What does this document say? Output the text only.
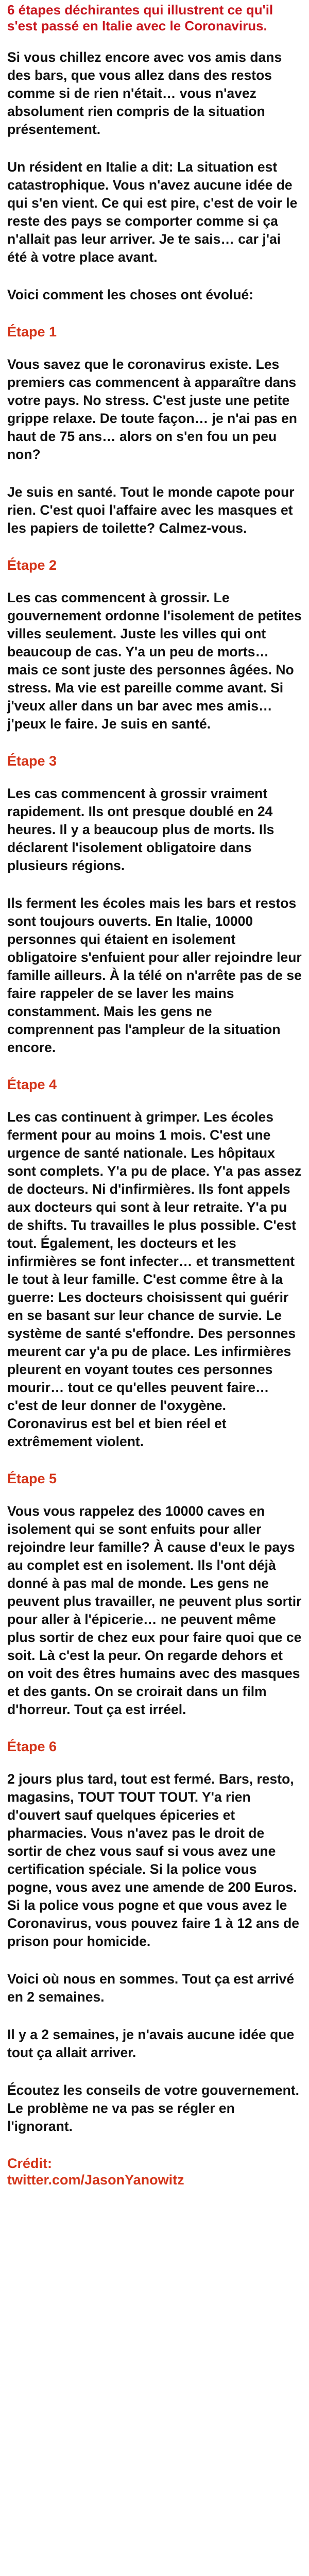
6 étapes déchirantes qui illustrent ce qu'il s'est passé en Italie avec le Coronavirus.

Si vous chillez encore avec vos amis dans des bars, que vous allez dans des restos comme si de rien n'était… vous n'avez absolument rien compris de la situation présentement.

Un résident en Italie a dit: La situation est catastrophique. Vous n'avez aucune idée de qui s'en vient. Ce qui est pire, c'est de voir le reste des pays se comporter comme si ça n'allait pas leur arriver. Je te sais… car j'ai été à votre place avant.

Voici comment les choses ont évolué:

Étape 1

Vous savez que le coronavirus existe. Les premiers cas commencent à apparaître dans votre pays. No stress. C'est juste une petite grippe relaxe. De toute façon… je n'ai pas en haut de 75 ans… alors on s'en fou un peu non?

Je suis en santé. Tout le monde capote pour rien. C'est quoi l'affaire avec les masques et les papiers de toilette? Calmez-vous.

Étape 2

Les cas commencent à grossir. Le gouvernement ordonne l'isolement de petites villes seulement. Juste les villes qui ont beaucoup de cas. Y'a un peu de morts… mais ce sont juste des personnes âgées. No stress. Ma vie est pareille comme avant. Si j'veux aller dans un bar avec mes amis… j'peux le faire. Je suis en santé.

Étape 3

Les cas commencent à grossir vraiment rapidement. Ils ont presque doublé en 24 heures. Il y a beaucoup plus de morts. Ils déclarent l'isolement obligatoire dans plusieurs régions.

Ils ferment les écoles mais les bars et restos sont toujours ouverts. En Italie, 10000 personnes qui étaient en isolement obligatoire s'enfuient pour aller rejoindre leur famille ailleurs. À la télé on n'arrête pas de se faire rappeler de se laver les mains constamment. Mais les gens ne comprennent pas l'ampleur de la situation encore.

Étape 4

Les cas continuent à grimper. Les écoles ferment pour au moins 1 mois. C'est une urgence de santé nationale. Les hôpitaux sont complets. Y'a pu de place. Y'a pas assez de docteurs. Ni d'infirmières. Ils font appels aux docteurs qui sont à leur retraite. Y'a pu de shifts. Tu travailles le plus possible. C'est tout. Également, les docteurs et les infirmières se font infecter… et transmettent le tout à leur famille. C'est comme être à la guerre: Les docteurs choisissent qui guérir en se basant sur leur chance de survie. Le système de santé s'effondre. Des personnes meurent car y'a pu de place. Les infirmières pleurent en voyant toutes ces personnes mourir… tout ce qu'elles peuvent faire… c'est de leur donner de l'oxygène. Coronavirus est bel et bien réel et extrêmement violent.

Étape 5

Vous vous rappelez des 10000 caves en isolement qui se sont enfuits pour aller rejoindre leur famille? À cause d'eux le pays au complet est en isolement. Ils l'ont déjà donné à pas mal de monde. Les gens ne peuvent plus travailler, ne peuvent plus sortir pour aller à l'épicerie… ne peuvent même plus sortir de chez eux pour faire quoi que ce soit. Là c'est la peur. On regarde dehors et on voit des êtres humains avec des masques et des gants. On se croirait dans un film d'horreur. Tout ça est irréel.

Étape 6

2 jours plus tard, tout est fermé. Bars, resto, magasins, TOUT TOUT TOUT. Y'a rien d'ouvert sauf quelques épiceries et pharmacies. Vous n'avez pas le droit de sortir de chez vous sauf si vous avez une certification spéciale. Si la police vous pogne, vous avez une amende de 200 Euros. Si la police vous pogne et que vous avez le Coronavirus, vous pouvez faire 1 à 12 ans de prison pour homicide.

Voici où nous en sommes. Tout ça est arrivé en 2 semaines.

Il y a 2 semaines, je n'avais aucune idée que tout ça allait arriver.

Écoutez les conseils de votre gouvernement. Le problème ne va pas se régler en l'ignorant.

Crédit:
twitter.com/JasonYanowitz
